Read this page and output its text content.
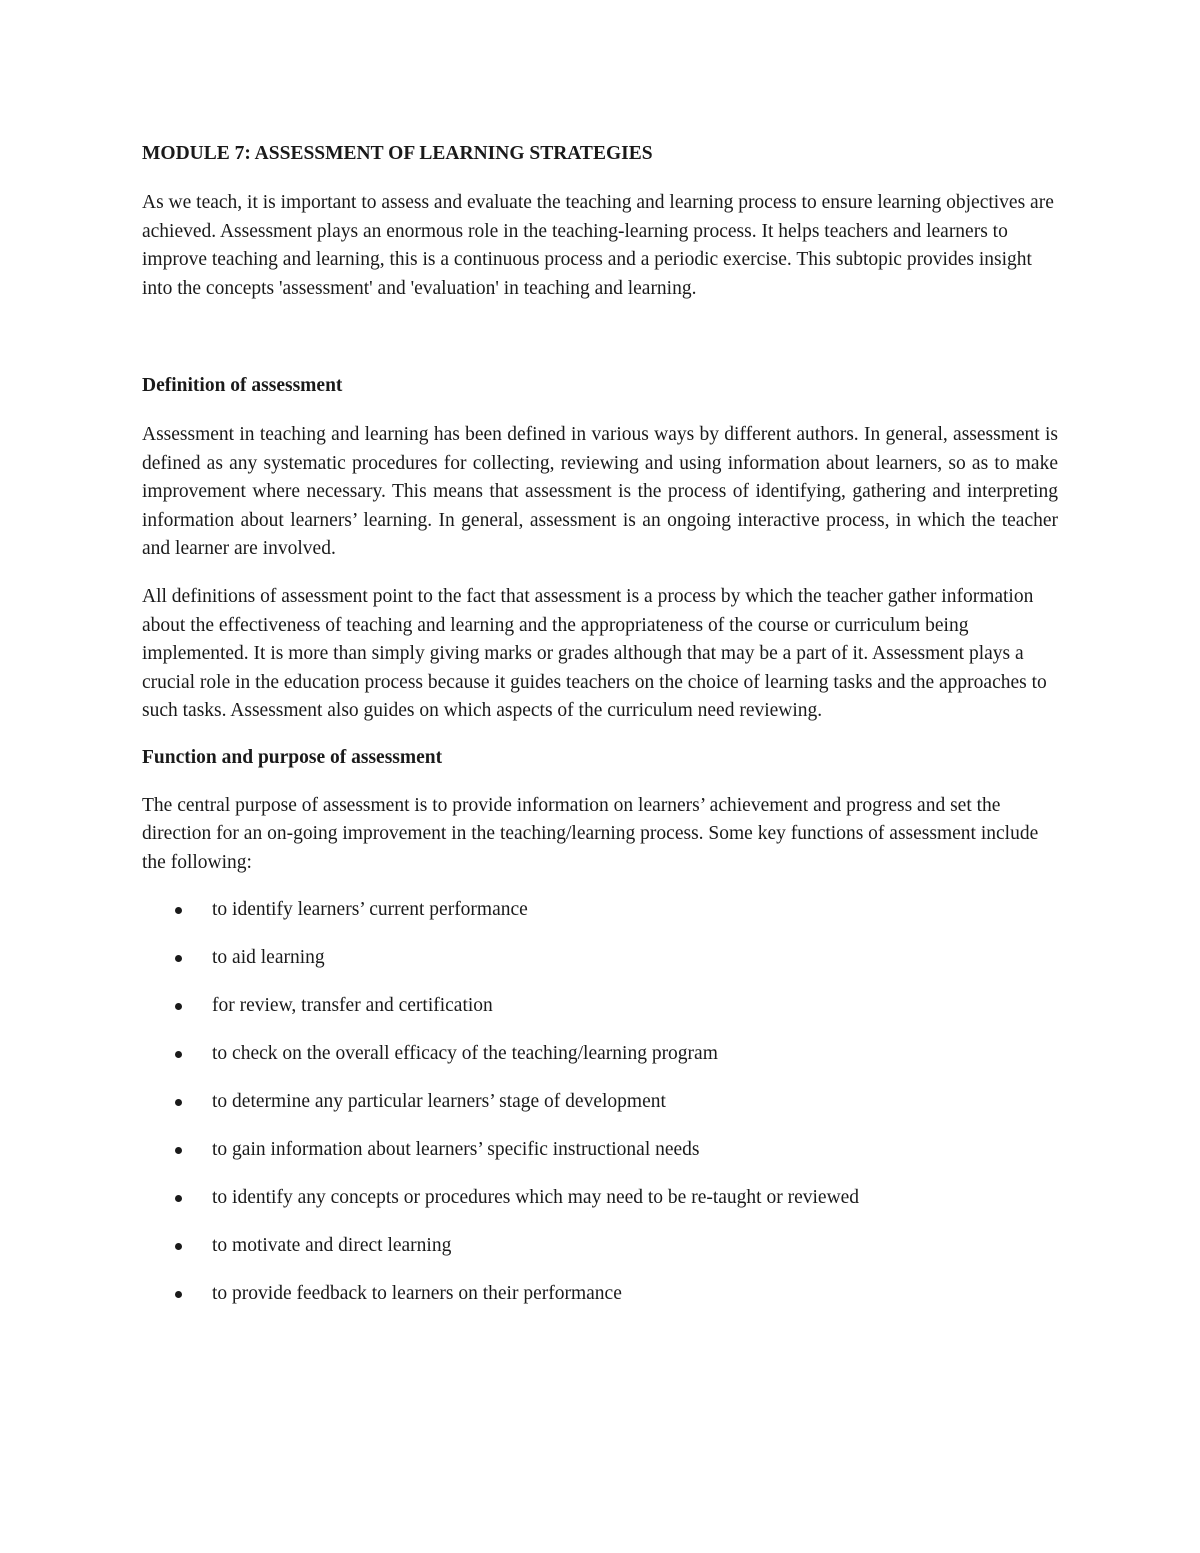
MODULE 7: ASSESSMENT OF LEARNING STRATEGIES

As we teach, it is important to assess and evaluate the teaching and learning process to ensure learning objectives are achieved. Assessment plays an enormous role in the teaching-learning process. It helps teachers and learners to improve teaching and learning, this is a continuous process and a periodic exercise. This subtopic provides insight into the concepts 'assessment' and 'evaluation' in teaching and learning.

Definition of assessment

Assessment in teaching and learning has been defined in various ways by different authors. In general, assessment is defined as any systematic procedures for collecting, reviewing and using information about learners, so as to make improvement where necessary. This means that assessment is the process of identifying, gathering and interpreting information about learners’ learning. In general, assessment is an ongoing interactive process, in which the teacher and learner are involved.

All definitions of assessment point to the fact that assessment is a process by which the teacher gather information about the effectiveness of teaching and learning and the appropriateness of the course or curriculum being implemented. It is more than simply giving marks or grades although that may be a part of it. Assessment plays a crucial role in the education process because it guides teachers on the choice of learning tasks and the approaches to such tasks. Assessment also guides on which aspects of the curriculum need reviewing.

Function and purpose of assessment

The central purpose of assessment is to provide information on learners’ achievement and progress and set the direction for an on-going improvement in the teaching/learning process. Some key functions of assessment include the following:

to identify learners’ current performance
to aid learning
for review, transfer and certification
to check on the overall efficacy of the teaching/learning program
to determine any particular learners’ stage of development
to gain information about learners’ specific instructional needs
to identify any concepts or procedures which may need to be re-taught or reviewed
to motivate and direct learning
to provide feedback to learners on their performance
